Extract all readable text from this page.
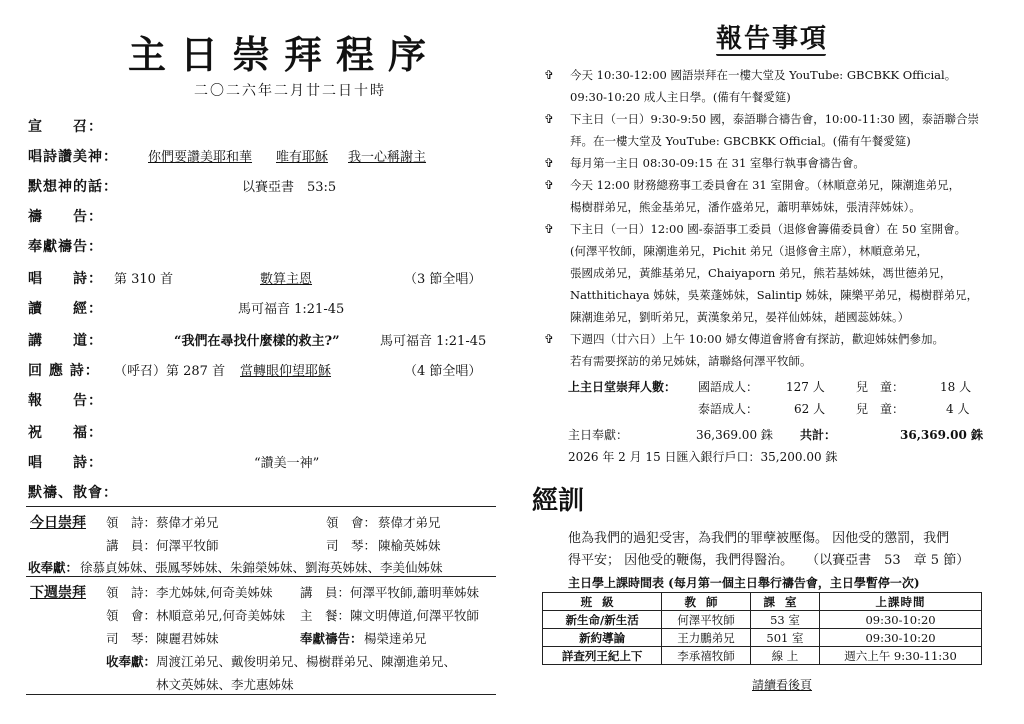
主日崇拜程序
二〇二六年二月廿二日十時
宣　　召：
唱詩讚美神： 你們要讚美耶和華 唯有耶穌 我一心稱謝主
默想神的話：	以賽亞書　53:5
禱　　告：
奉獻禱告：
唱　　詩： 第 310 首	數算主恩	（3 節全唱）
讀　　經：	馬可福音 1:21-45
講　　道：	“我們在尋找什麼樣的救主?”	馬可福音 1:21-45
回 應 詩： （呼召）第 287 首 當轉眼仰望耶穌	（4 節全唱）
報　　告：
祝　　福：
唱　　詩：	“讚美一神”
默禱、散會：
今日崇拜 領　詩： 蔡偉才弟兄	領　會： 蔡偉才弟兄
講　員： 何澤平牧師	司　琴： 陳榆英姊妹
收奉獻： 徐慕貞姊妹、張鳳琴姊妹、朱錦榮姊妹、劉海英姊妹、李美仙姊妹
下週崇拜 領　詩： 李尤姊妹,何奇美姊妹 講　員： 何澤平牧師,蕭明華姊妹
領　會： 林順意弟兄,何奇美姊妹 主　餐： 陳文明傳道,何澤平牧師
司　琴： 陳麗君姊妹	奉獻禱告： 楊榮達弟兄
收奉獻： 周渡江弟兄、戴俊明弟兄、楊樹群弟兄、陳潮進弟兄、
林文英姊妹、李尤惠姊妹
報告事項
✞	今天 10:30-12:00 國語崇拜在一樓大堂及 YouTube: GBCBKK Official。
09:30-10:20 成人主日學。(備有午餐愛筵)
✞	下主日（一日）9:30-9:50 國，泰語聯合禱告會，10:00-11:30 國，泰語聯合崇
拜。在一樓大堂及 YouTube: GBCBKK Official。(備有午餐愛筵)
✞	每月第一主日 08:30-09:15 在 31 室舉行執事會禱告會。
✞	今天 12:00 財務總務事工委員會在 31 室開會。（林順意弟兄，陳潮進弟兄，
楊樹群弟兄，熊金基弟兄，潘作盛弟兄，蕭明華姊妹，張清萍姊妹）。
✞	下主日（一日）12:00 國-泰語事工委員（退修會籌備委員會）在 50 室開會。
(何澤平牧師，陳潮進弟兄，Pichit 弟兄（退修會主席），林順意弟兄，
張國成弟兄，黃維基弟兄，Chaiyaporn 弟兄，熊若基姊妹，馮世德弟兄，
Natthitichaya 姊妹，吳萊蓬姊妹，Salintip 姊妹，陳樂平弟兄，楊樹群弟兄，
陳潮進弟兄，劉昕弟兄，黃漢象弟兄，晏祥仙姊妹，趙國蕊姊妹。）
✞	下週四（廿六日）上午 10:00 婦女傳道會將會有探訪，歡迎姊妹們參加。
若有需要探訪的弟兄姊妹，請聯絡何澤平牧師。
上主日堂崇拜人數： 國語成人： 127 人	兒　童：	18 人
泰語成人：	62 人	兒　童：	4 人
主日奉獻：	36,369.00 銖 共計：	36,369.00 銖
2026 年 2 月 15 日匯入銀行戶口：35,200.00 銖
經訓
他為我們的過犯受害，為我們的罪孽被壓傷。 因他受的懲罰，我們
得平安； 因他受的鞭傷，我們得醫治。　　（以賽亞書　53　章 5 節）
主日學上課時間表 (每月第一個主日舉行禱告會，主日學暫停一次)
班級	教師	課室	上課時間
新生命/新生活	何澤平牧師	53 室	09:30-10:20
新約導論	王力鵬弟兄	501 室	09:30-10:20
詳查列王紀上下	李承禧牧師	線 上	週六上午 9:30-11:30
請續看後頁
